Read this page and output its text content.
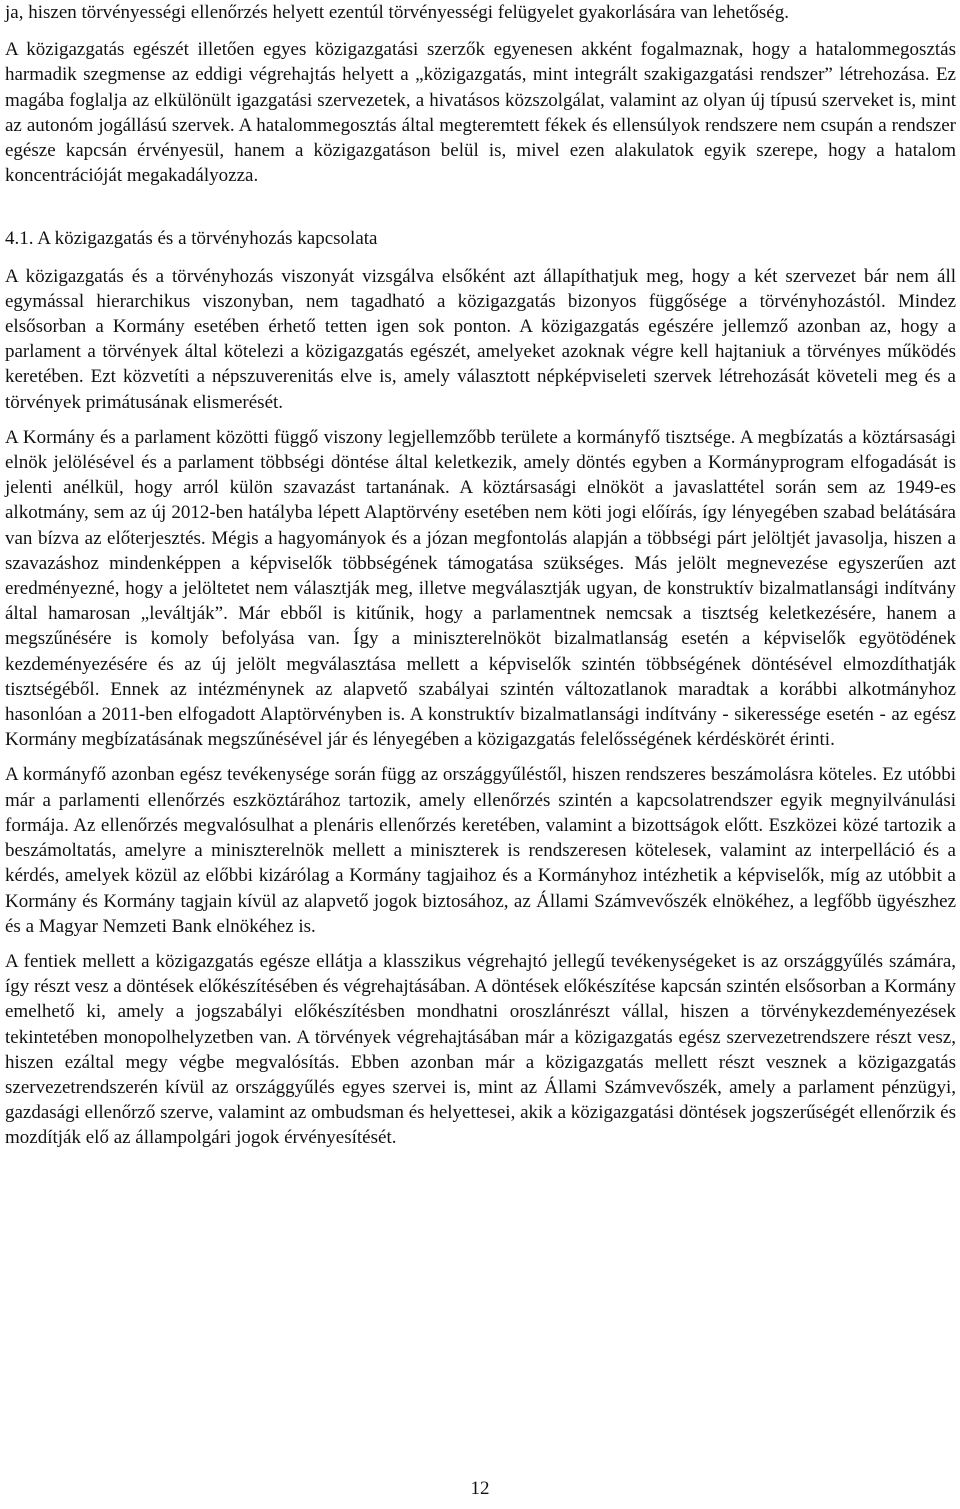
ja, hiszen törvényességi ellenőrzés helyett ezentúl törvényességi felügyelet gyakorlására van lehetőség.

A közigazgatás egészét illetően egyes közigazgatási szerzők egyenesen akként fogalmaznak, hogy a hatalommegosztás harmadik szegmense az eddigi végrehajtás helyett a „közigazgatás, mint integrált szakigazgatási rendszer” létrehozása. Ez magába foglalja az elkülönült igazgatási szervezetek, a hivatásos közszolgálat, valamint az olyan új típusú szerveket is, mint az autonóm jogállású szervek. A hatalommegosztás által megteremtett fékek és ellensúlyok rendszere nem csupán a rendszer egésze kapcsán érvényesül, hanem a közigazgatáson belül is, mivel ezen alakulatok egyik szerepe, hogy a hatalom koncentrációját megakadályozza.

4.1. A közigazgatás és a törvényhozás kapcsolata

A közigazgatás és a törvényhozás viszonyát vizsgálva elsőként azt állapíthatjuk meg, hogy a két szervezet bár nem áll egymással hierarchikus viszonyban, nem tagadható a közigazgatás bizonyos függősége a törvényhozástól. Mindez elsősorban a Kormány esetében érhető tetten igen sok ponton. A közigazgatás egészére jellemző azonban az, hogy a parlament a törvények által kötelezi a közigazgatás egészét, amelyeket azoknak végre kell hajtaniuk a törvényes működés keretében. Ezt közvetíti a népszuverenitás elve is, amely választott népképviseleti szervek létrehozását követeli meg és a törvények primátusának elismerését.

A Kormány és a parlament közötti függő viszony legjellemzőbb területe a kormányfő tisztsége. A megbízatás a köztársasági elnök jelölésével és a parlament többségi döntése által keletkezik, amely döntés egyben a Kormányprogram elfogadását is jelenti anélkül, hogy arról külön szavazást tartanának. A köztársasági elnököt a javaslattétel során sem az 1949-es alkotmány, sem az új 2012-ben hatályba lépett Alaptörvény esetében nem köti jogi előírás, így lényegében szabad belátására van bízva az előterjesztés. Mégis a hagyományok és a józan megfontolás alapján a többségi párt jelöltjét javasolja, hiszen a szavazáshoz mindenképpen a képviselők többségének támogatása szükséges. Más jelölt megnevezése egyszerűen azt eredményezné, hogy a jelöltetet nem választják meg, illetve megválasztják ugyan, de konstruktív bizalmatlansági indítvány által hamarosan „leváltják”. Már ebből is kitűnik, hogy a parlamentnek nemcsak a tisztség keletkezésére, hanem a megszűnésére is komoly befolyása van. Így a miniszterelnököt bizalmatlanság esetén a képviselők egyötödének kezdeményezésére és az új jelölt megválasztása mellett a képviselők szintén többségének döntésével elmozdíthatják tisztségéből. Ennek az intézménynek az alapvető szabályai szintén változatlanok maradtak a korábbi alkotmányhoz hasonlóan a 2011-ben elfogadott Alaptörvényben is. A konstruktív bizalmatlansági indítvány - sikeressége esetén - az egész Kormány megbízatásának megszűnésével jár és lényegében a közigazgatás felelősségének kérdéskörét érinti.

A kormányfő azonban egész tevékenysége során függ az országgyűléstől, hiszen rendszeres beszámolásra köteles. Ez utóbbi már a parlamenti ellenőrzés eszköztárához tartozik, amely ellenőrzés szintén a kapcsolatrendszer egyik megnyilvánulási formája. Az ellenőrzés megvalósulhat a plenáris ellenőrzés keretében, valamint a bizottságok előtt. Eszközei közé tartozik a beszámoltatás, amelyre a miniszterelnök mellett a miniszterek is rendszeresen kötelesek, valamint az interpelláció és a kérdés, amelyek közül az előbbi kizárólag a Kormány tagjaihoz és a Kormányhoz intézhetik a képviselők, míg az utóbbit a Kormány és Kormány tagjain kívül az alapvető jogok biztosához, az Állami Számvevőszék elnökéhez, a legfőbb ügyészhez és a Magyar Nemzeti Bank elnökéhez is.

A fentiek mellett a közigazgatás egésze ellátja a klasszikus végrehajtó jellegű tevékenységeket is az országgyűlés számára, így részt vesz a döntések előkészítésében és végrehajtásában. A döntések előkészítése kapcsán szintén elsősorban a Kormány emelhető ki, amely a jogszabályi előkészítésben mondhatni oroszlánrészt vállal, hiszen a törvénykezdeményezések tekintetében monopolhelyzetben van. A törvények végrehajtásában már a közigazgatás egész szervezetrendszere részt vesz, hiszen ezáltal megy végbe megvalósítás. Ebben azonban már a közigazgatás mellett részt vesznek a közigazgatás szervezetrendszerén kívül az országgyűlés egyes szervei is, mint az Állami Számvevőszék, amely a parlament pénzügyi, gazdasági ellenőrző szerve, valamint az ombudsman és helyettesei, akik a közigazgatási döntések jogszerűségét ellenőrzik és mozdítják elő az állampolgári jogok érvényesítését.

12
